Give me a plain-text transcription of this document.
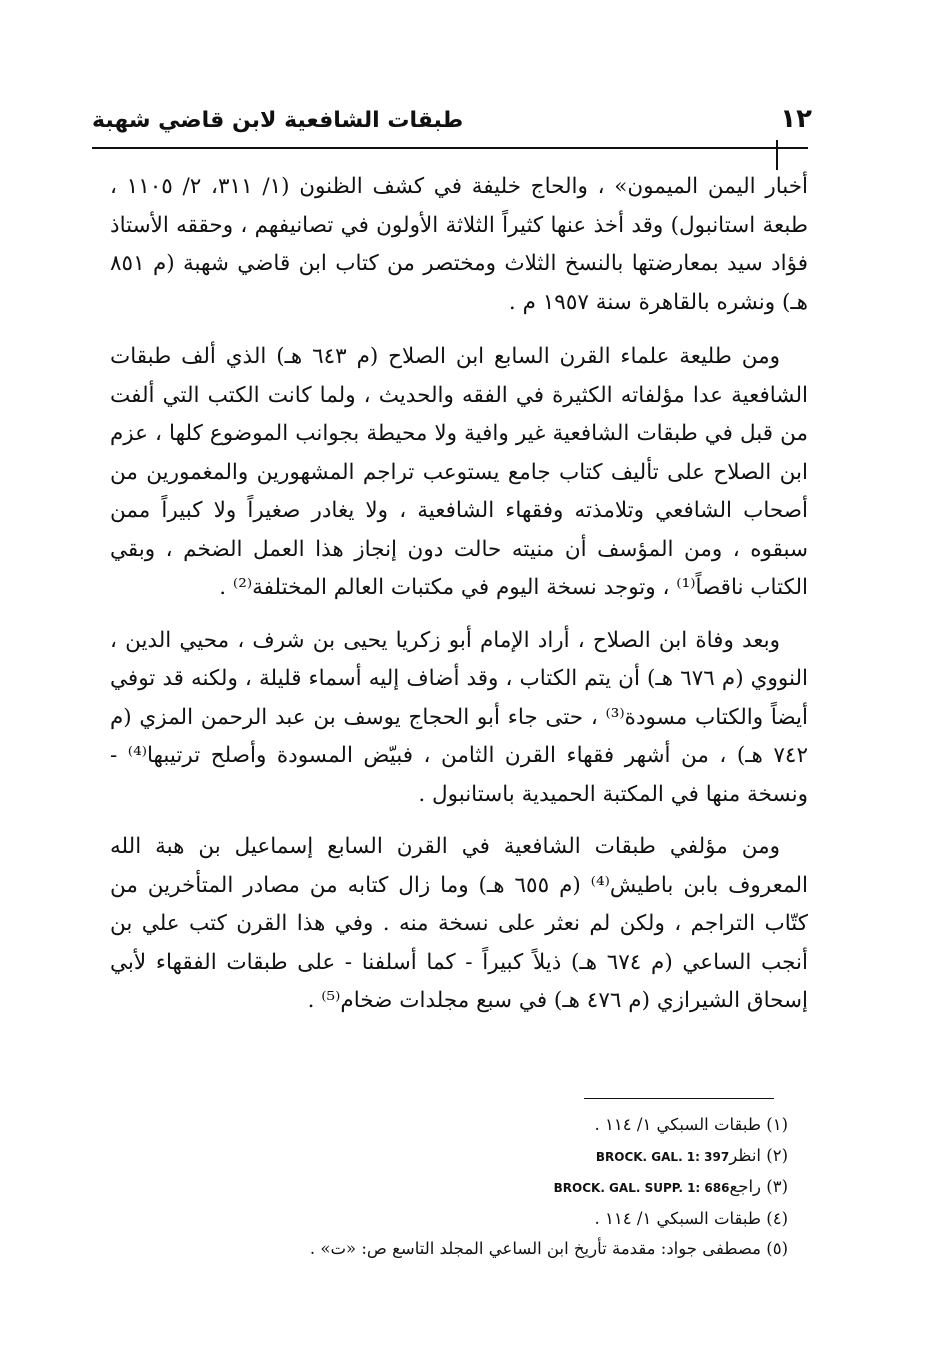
١٢
طبقات الشافعية لابن قاضي شهبة

أخبار اليمن الميمون» ، والحاج خليفة في كشف الظنون (١/ ٣١١، ٢/ ١١٠٥ ، طبعة استانبول) وقد أخذ عنها كثيراً الثلاثة الأولون في تصانيفهم ، وحققه الأستاذ فؤاد سيد بمعارضتها بالنسخ الثلاث ومختصر من كتاب ابن قاضي شهبة (م ٨٥١ هـ) ونشره بالقاهرة سنة ١٩٥٧ م .

ومن طليعة علماء القرن السابع ابن الصلاح (م ٦٤٣ هـ) الذي ألف طبقات الشافعية عدا مؤلفاته الكثيرة في الفقه والحديث ، ولما كانت الكتب التي ألفت من قبل في طبقات الشافعية غير وافية ولا محيطة بجوانب الموضوع كلها ، عزم ابن الصلاح على تأليف كتاب جامع يستوعب تراجم المشهورين والمغمورين من أصحاب الشافعي وتلامذته وفقهاء الشافعية ، ولا يغادر صغيراً ولا كبيراً ممن سبقوه ، ومن المؤسف أن منيته حالت دون إنجاز هذا العمل الضخم ، وبقي الكتاب ناقصاً⁽¹⁾ ، وتوجد نسخة اليوم في مكتبات العالم المختلفة⁽²⁾ .

وبعد وفاة ابن الصلاح ، أراد الإمام أبو زكريا يحيى بن شرف ، محيي الدين ، النووي (م ٦٧٦ هـ) أن يتم الكتاب ، وقد أضاف إليه أسماء قليلة ، ولكنه قد توفي أيضاً والكتاب مسودة⁽³⁾ ، حتى جاء أبو الحجاج يوسف بن عبد الرحمن المزي (م ٧٤٢ هـ) ، من أشهر فقهاء القرن الثامن ، فبيّض المسودة وأصلح ترتيبها⁽⁴⁾ - ونسخة منها في المكتبة الحميدية باستانبول .

ومن مؤلفي طبقات الشافعية في القرن السابع إسماعيل بن هبة الله المعروف بابن باطيش⁽⁴⁾ (م ٦٥٥ هـ) وما زال كتابه من مصادر المتأخرين من كتّاب التراجم ، ولكن لم نعثر على نسخة منه . وفي هذا القرن كتب علي بن أنجب الساعي (م ٦٧٤ هـ) ذيلاً كبيراً - كما أسلفنا - على طبقات الفقهاء لأبي إسحاق الشيرازي (م ٤٧٦ هـ) في سبع مجلدات ضخام⁽⁵⁾ .

(١) طبقات السبكي ١/ ١١٤ .

(٢) انظرBROCK. GAL. 1: 397

(٣) راجعBROCK. GAL. SUPP. 1: 686

(٤) طبقات السبكي ١/ ١١٤ .

(٥) مصطفى جواد: مقدمة تأريخ ابن الساعي المجلد التاسع ص: «ت» .
